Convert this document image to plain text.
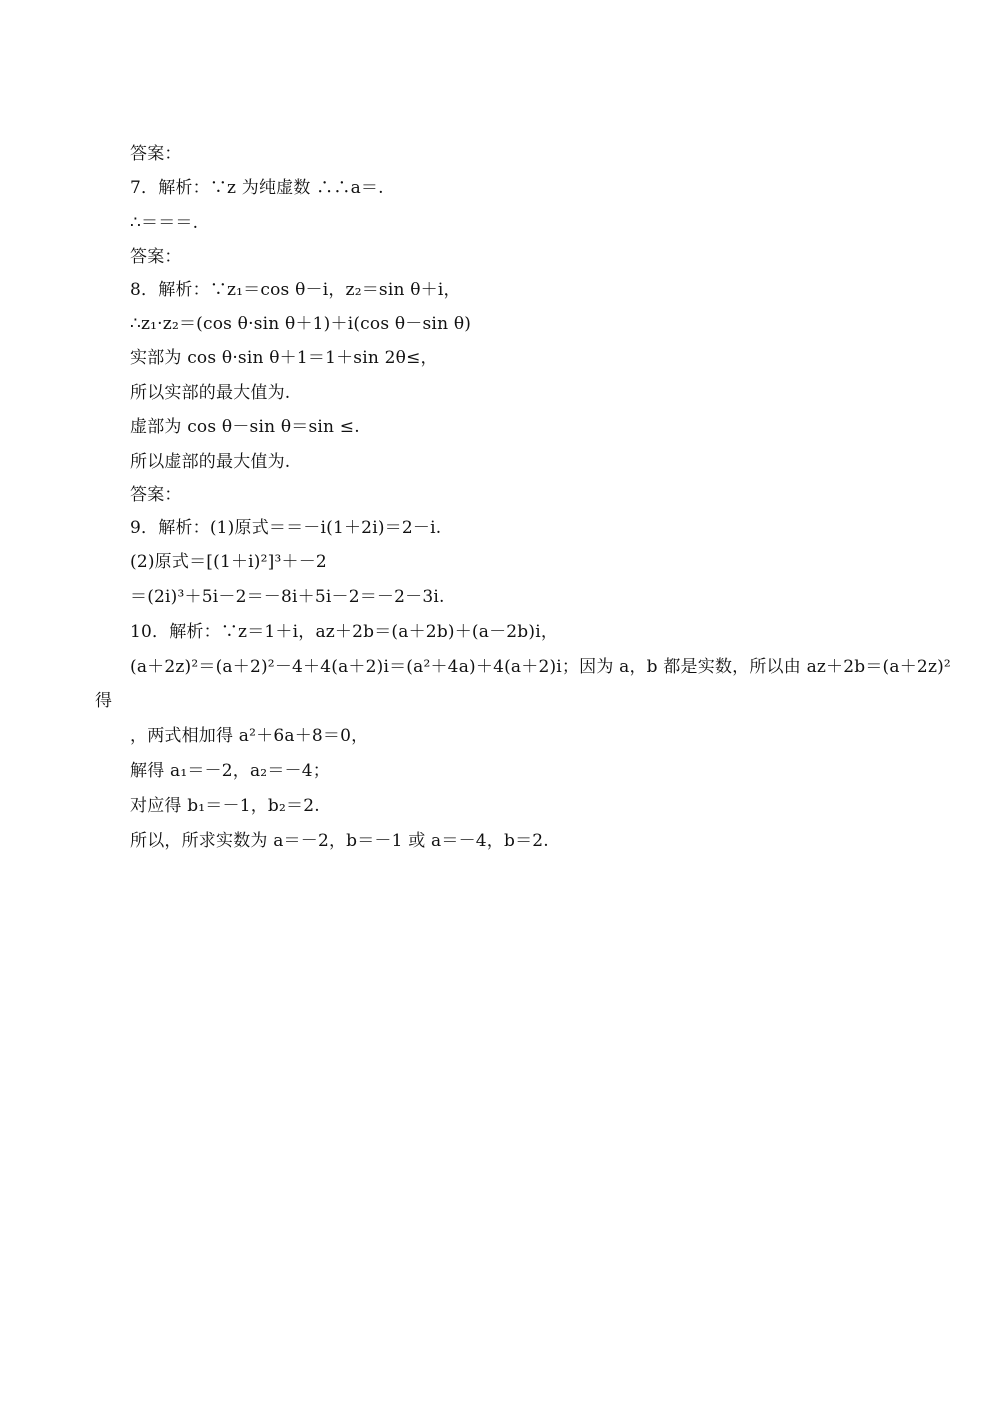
答案：
7．解析：∵z 为纯虚数 ∴∴a＝.
∴＝＝＝.
答案：
8．解析：∵z₁＝cos θ－i，z₂＝sin θ＋i，
∴z₁·z₂＝(cos θ·sin θ＋1)＋i(cos θ－sin θ)
实部为 cos θ·sin θ＋1＝1＋sin 2θ≤，
所以实部的最大值为.
虚部为 cos θ－sin θ＝sin ≤.
所以虚部的最大值为.
答案：
9．解析：(1)原式＝＝－i(1＋2i)＝2－i.
(2)原式＝[(1＋i)²]³＋－2
＝(2i)³＋5i－2＝－8i＋5i－2＝－2－3i.
10．解析：∵z＝1＋i，az＋2b＝(a＋2b)＋(a－2b)i，
(a＋2z)²＝(a＋2)²－4＋4(a＋2)i＝(a²＋4a)＋4(a＋2)i；因为 a，b 都是实数，所以由 az＋2b＝(a＋2z)²
得
，两式相加得 a²＋6a＋8＝0，
解得 a₁＝－2，a₂＝－4；
对应得 b₁＝－1，b₂＝2.
所以，所求实数为 a＝－2，b＝－1 或 a＝－4，b＝2.
